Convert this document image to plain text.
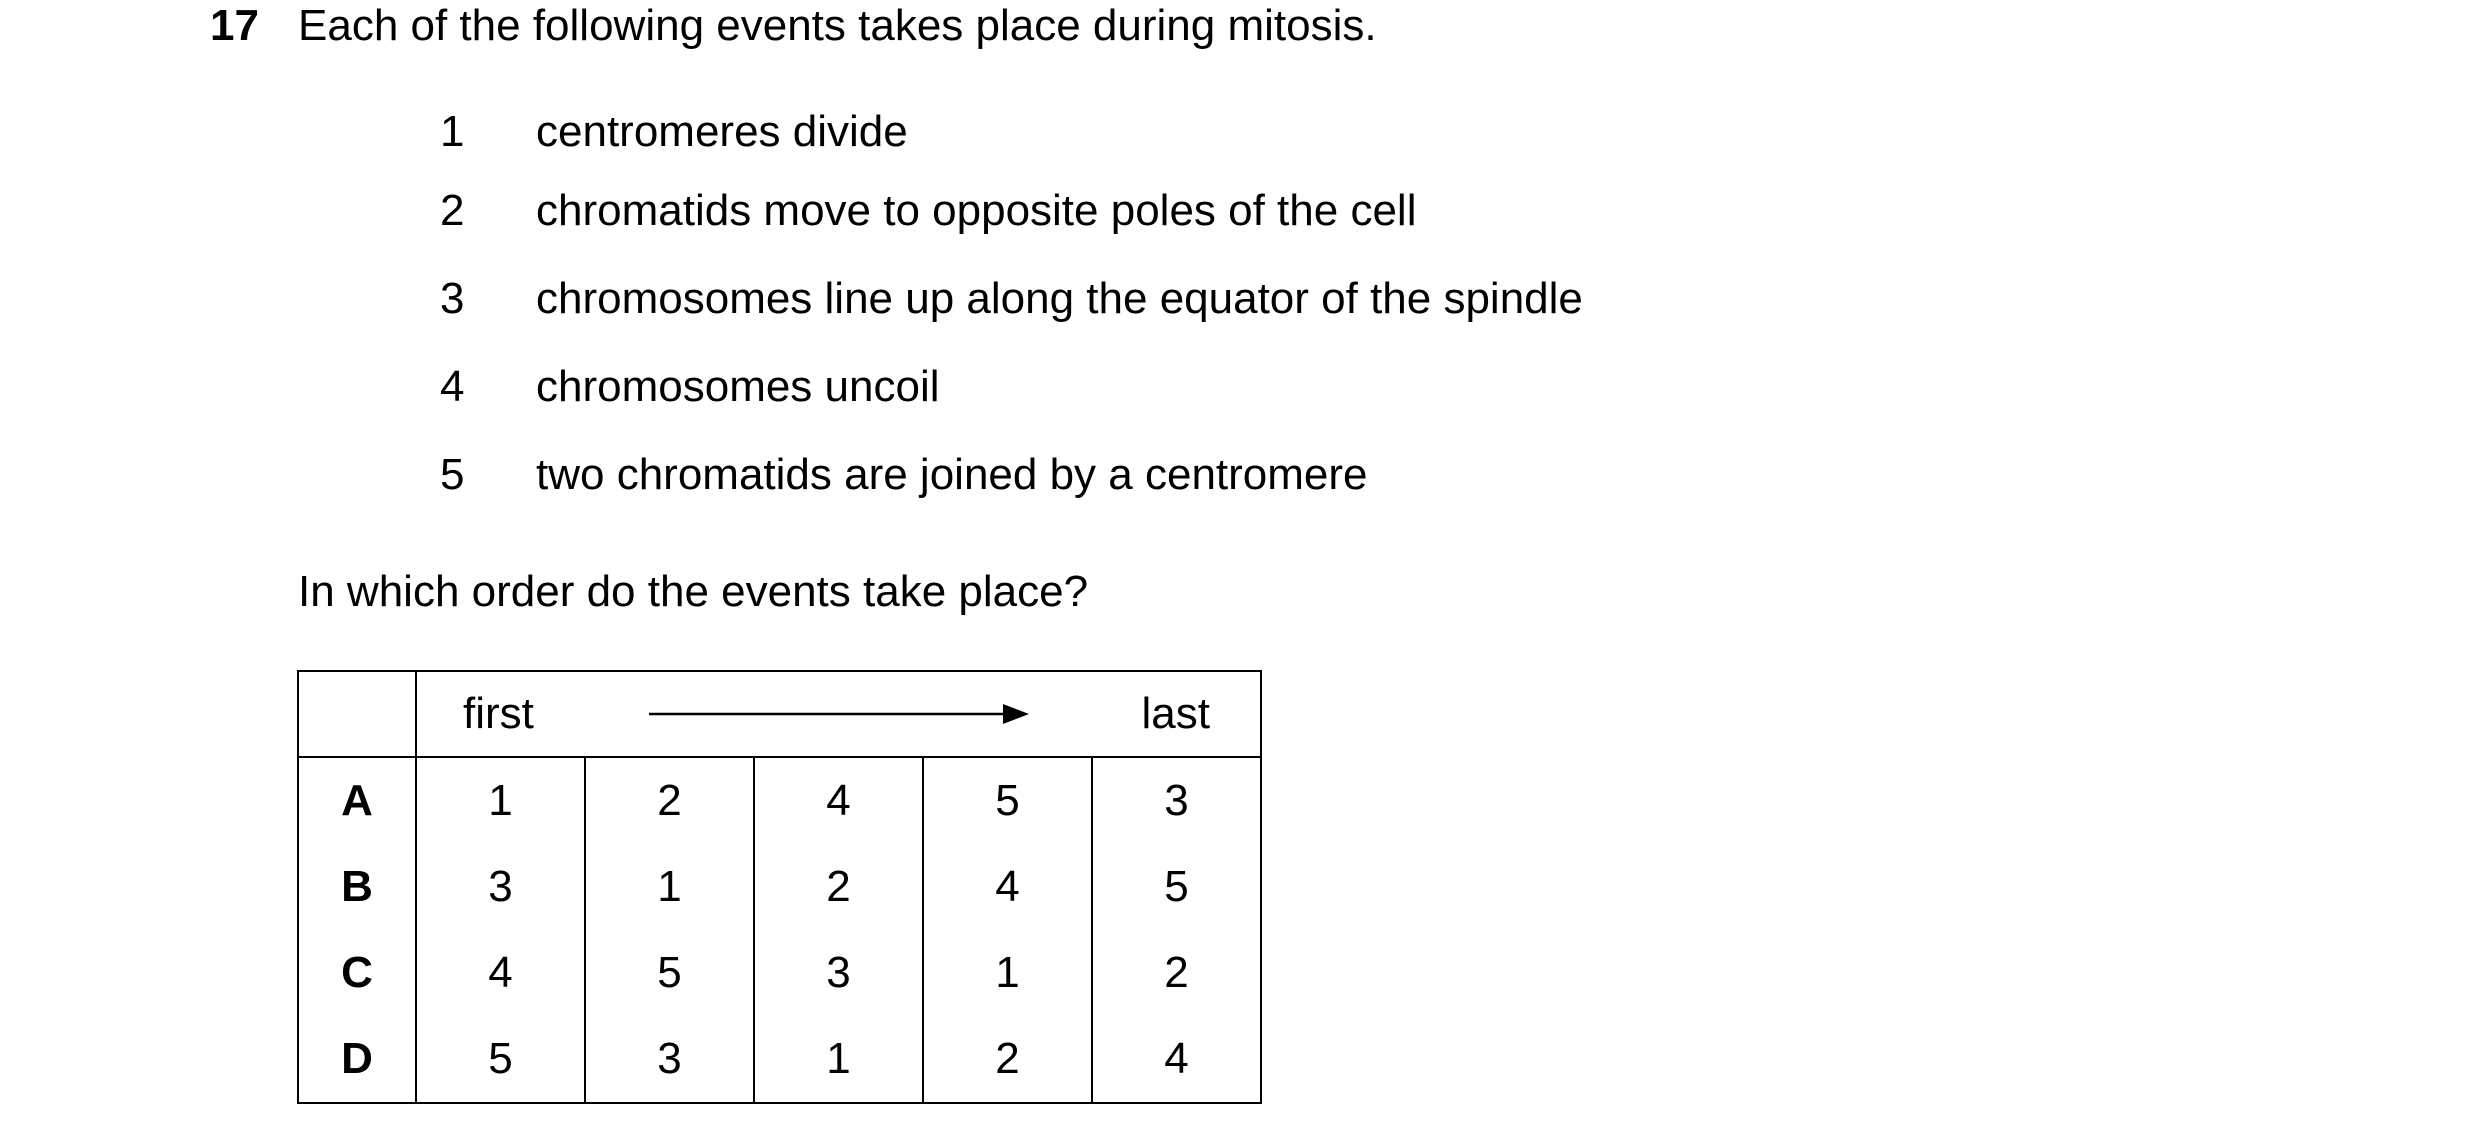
17 Each of the following events takes place during mitosis.
1 centromeres divide
2 chromatids move to opposite poles of the cell
3 chromosomes line up along the equator of the spindle
4 chromosomes uncoil
5 two chromatids are joined by a centromere
In which order do the events take place?

	first last				

A	1	2	4	5	3
B	3	1	2	4	5
C	4	5	3	1	2
D	5	3	1	2	4
